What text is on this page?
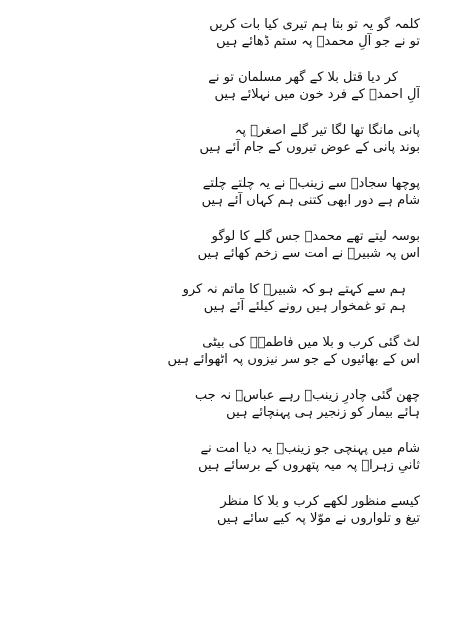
کلمہ گو یہ تو بتا ہم تیری کیا بات کریں
تو نے جو آلِ محمدؐ پہ ستم ڈھائے ہیں
کر دیا قتل بلا کے گھر مسلمان تو نے
آلِ احمدؐ کے فرد خون میں نہلائے ہیں
پانی مانگا تھا لگا تیر گلے اصغرؑ پہ
بوند پانی کے عوض تیروں کے جام آئے ہیں
پوچھا سجادؑ سے زینبؑ نے یہ چلتے چلتے
شام ہے دور ابھی کتنی ہم کہاں آئے ہیں
بوسہ لیتے تھے محمدؐ جس گلے کا لوگو
اس پہ شبیرؑ نے امت سے زخم کھائے ہیں
ہم سے کہتے ہو کہ شبیرؑ کا ماتم نہ کرو
ہم تو غمخوار ہیں رونے کیلئے آئے ہیں
لٹ گئی کرب و بلا میں فاطمہؑ کی بیٹی
اس کے بھائیوں کے جو سر نیزوں پہ اٹھوائے ہیں
چھن گئی چادرِ زینبؑ رہے عباسؑ نہ جب
ہائے بیمار کو زنجیر ہی پہنچائے ہیں
شام میں پہنچی جو زینبؑ یہ دیا امت نے
ثانیِ زہراؑ پہ میہ پتھروں کے برسائے ہیں
کیسے منظور لکھے کرب و بلا کا منظر
تیغ و تلواروں نے موّلا پہ کیے سائے ہیں
